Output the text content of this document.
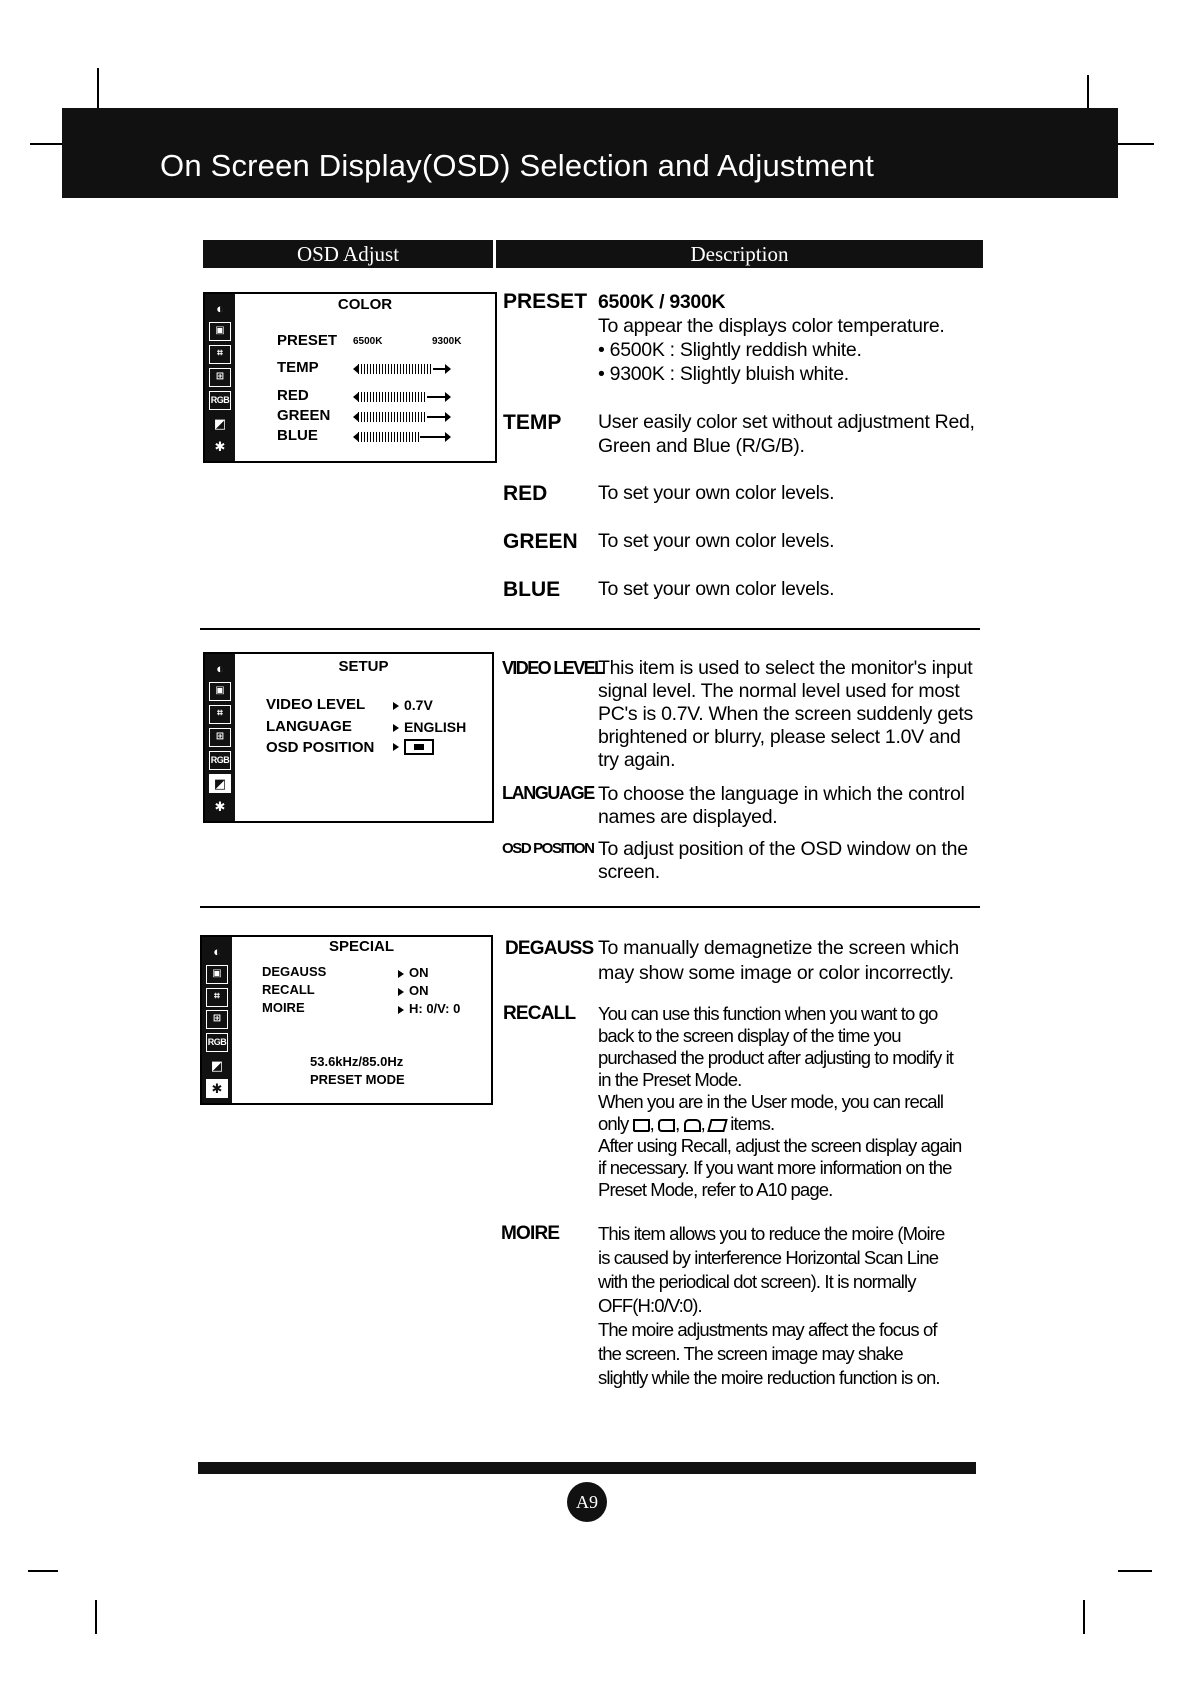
On Screen Display(OSD) Selection and Adjustment
OSD Adjust	Description
◐
▣
⌗
⊞
RGB
◩
✱
COLOR
PRESET 6500K	9300K
TEMP
RED
GREEN
BLUE
PRESET 6500K / 9300K
To appear the displays color temperature.
• 6500K : Slightly reddish white.
• 9300K : Slightly bluish white.
TEMP User easily color set without adjustment Red,
Green and Blue (R/G/B).
RED	To set your own color levels.
GREEN To set your own color levels.
BLUE To set your own color levels.
◐
▣
⌗
⊞
RGB
◩
✱
SETUP
VIDEO LEVEL	0.7V
LANGUAGE	ENGLISH
OSD POSITION
VIDEO LEVEL
This item is used to select the monitor's input
signal level. The normal level used for most
PC's is 0.7V. When the screen suddenly gets
brightened or blurry, please select 1.0V and
try again.
LANGUAGE To choose the language in which the control
names are displayed.
OSD POSITION To adjust position of the OSD window on the
screen.
◐
▣
⌗
⊞
RGB
◩
✱
SPECIAL
DEGAUSS	ON
RECALL	ON
MOIRE	H: 0/V: 0
53.6kHz/85.0Hz
PRESET MODE
DEGAUSS To manually demagnetize the screen which
may show some image or color incorrectly.
RECALL You can use this function when you want to go
back to the screen display of the time you
purchased the product after adjusting to modify it
in the Preset Mode.
When you are in the User mode, you can recall
only , , ,  items.
After using Recall, adjust the screen display again
if necessary. If you want more information on the
Preset Mode, refer to A10 page.
MOIRE This item allows you to reduce the moire (Moire
is caused by interference Horizontal Scan Line
with the periodical dot screen). It is normally
OFF(H:0/V:0).
The moire adjustments may affect the focus of
the screen. The screen image may shake
slightly while the moire reduction function is on.
A9
